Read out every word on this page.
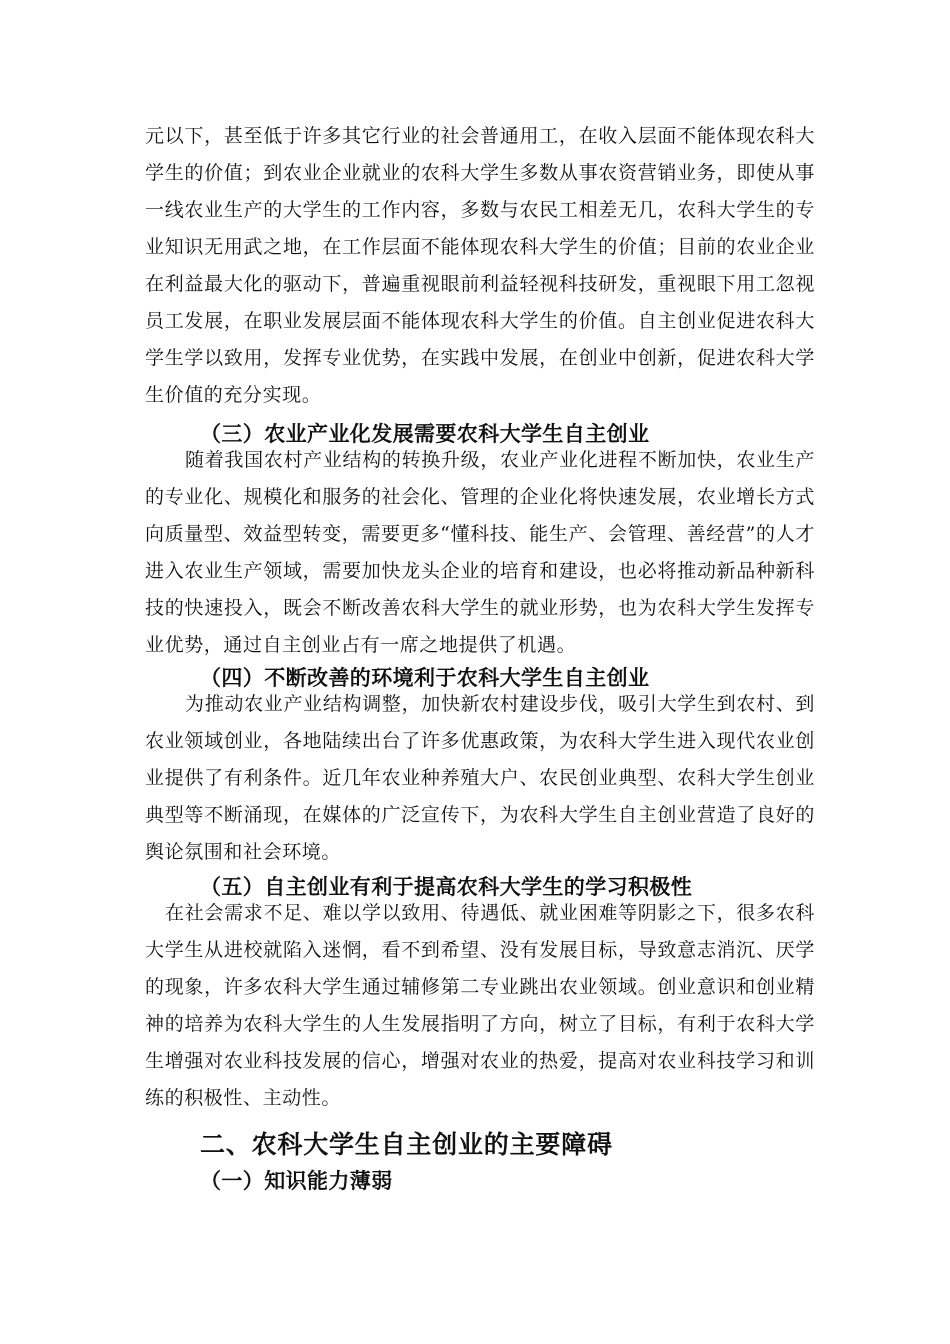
元以下，甚至低于许多其它行业的社会普通用工，在收入层面不能体现农科大学生的价值；到农业企业就业的农科大学生多数从事农资营销业务，即使从事一线农业生产的大学生的工作内容，多数与农民工相差无几，农科大学生的专业知识无用武之地，在工作层面不能体现农科大学生的价值；目前的农业企业在利益最大化的驱动下，普遍重视眼前利益轻视科技研发，重视眼下用工忽视员工发展，在职业发展层面不能体现农科大学生的价值。自主创业促进农科大学生学以致用，发挥专业优势，在实践中发展，在创业中创新，促进农科大学生价值的充分实现。

（三）农业产业化发展需要农科大学生自主创业

随着我国农村产业结构的转换升级，农业产业化进程不断加快，农业生产的专业化、规模化和服务的社会化、管理的企业化将快速发展，农业增长方式向质量型、效益型转变，需要更多“懂科技、能生产、会管理、善经营”的人才进入农业生产领域，需要加快龙头企业的培育和建设，也必将推动新品种新科技的快速投入，既会不断改善农科大学生的就业形势，也为农科大学生发挥专业优势，通过自主创业占有一席之地提供了机遇。

（四）不断改善的环境利于农科大学生自主创业

为推动农业产业结构调整，加快新农村建设步伐，吸引大学生到农村、到农业领域创业，各地陆续出台了许多优惠政策，为农科大学生进入现代农业创业提供了有利条件。近几年农业种养殖大户、农民创业典型、农科大学生创业典型等不断涌现，在媒体的广泛宣传下，为农科大学生自主创业营造了良好的舆论氛围和社会环境。

（五）自主创业有利于提高农科大学生的学习积极性

在社会需求不足、难以学以致用、待遇低、就业困难等阴影之下，很多农科大学生从进校就陷入迷惘，看不到希望、没有发展目标，导致意志消沉、厌学的现象，许多农科大学生通过辅修第二专业跳出农业领域。创业意识和创业精神的培养为农科大学生的人生发展指明了方向，树立了目标，有利于农科大学生增强对农业科技发展的信心，增强对农业的热爱，提高对农业科技学习和训练的积极性、主动性。

二、农科大学生自主创业的主要障碍
（一）知识能力薄弱
